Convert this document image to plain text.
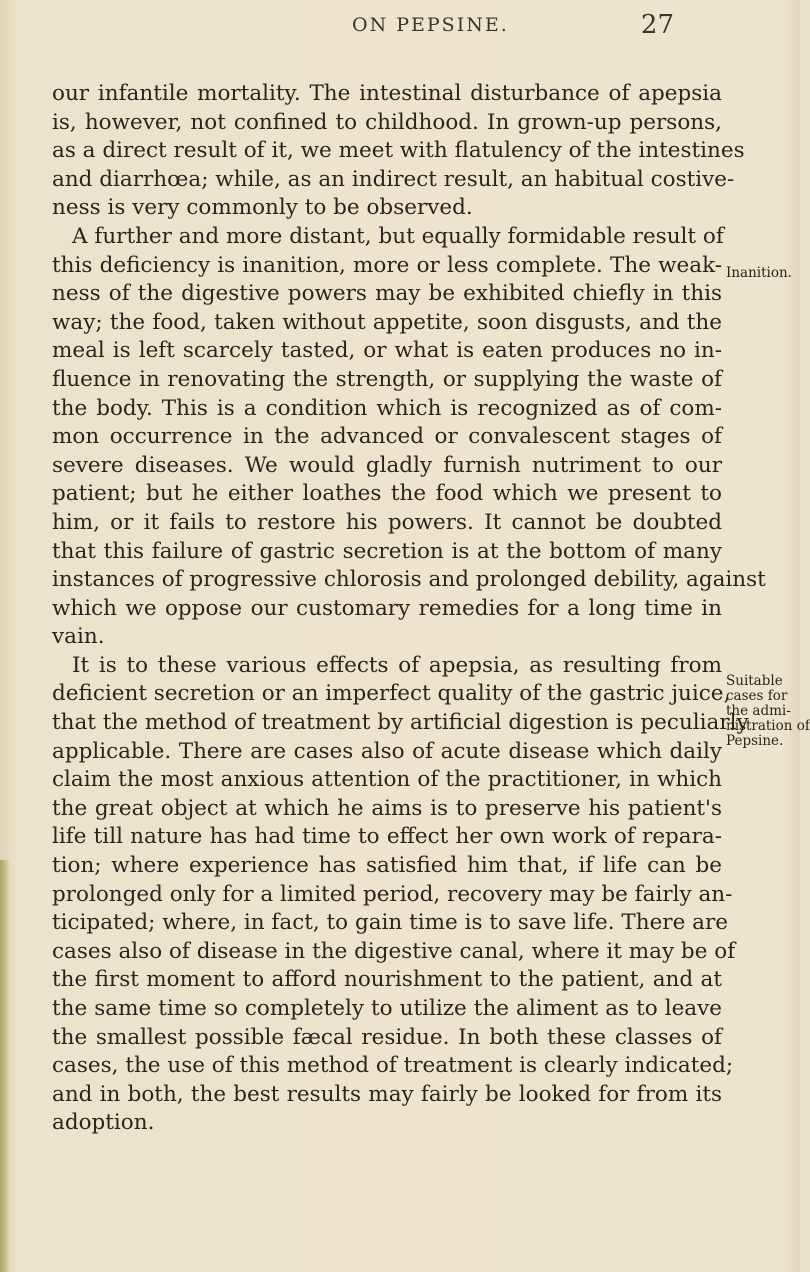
ON PEPSINE.	27
our infantile mortality. The intestinal disturbance of apepsia
is, however, not confined to childhood. In grown-up persons,
as a direct result of it, we meet with flatulency of the intestines
and diarrhœa; while, as an indirect result, an habitual costive-
ness is very commonly to be observed.
A further and more distant, but equally formidable result of
this deficiency is inanition, more or less complete. The weak-
ness of the digestive powers may be exhibited chiefly in this
way; the food, taken without appetite, soon disgusts, and the
meal is left scarcely tasted, or what is eaten produces no in-
fluence in renovating the strength, or supplying the waste of
the body. This is a condition which is recognized as of com-
mon occurrence in the advanced or convalescent stages of
severe diseases. We would gladly furnish nutriment to our
patient; but he either loathes the food which we present to
him, or it fails to restore his powers. It cannot be doubted
that this failure of gastric secretion is at the bottom of many
instances of progressive chlorosis and prolonged debility, against
which we oppose our customary remedies for a long time in
vain.
It is to these various effects of apepsia, as resulting from
deficient secretion or an imperfect quality of the gastric juice,
that the method of treatment by artificial digestion is peculiarly
applicable. There are cases also of acute disease which daily
claim the most anxious attention of the practitioner, in which
the great object at which he aims is to preserve his patient's
life till nature has had time to effect her own work of repara-
tion; where experience has satisfied him that, if life can be
prolonged only for a limited period, recovery may be fairly an-
ticipated; where, in fact, to gain time is to save life. There are
cases also of disease in the digestive canal, where it may be of
the first moment to afford nourishment to the patient, and at
the same time so completely to utilize the aliment as to leave
the smallest possible fæcal residue. In both these classes of
cases, the use of this method of treatment is clearly indicated;
and in both, the best results may fairly be looked for from its
adoption.
Inanition.
Suitable
cases for
the admi-
nistration of
Pepsine.
